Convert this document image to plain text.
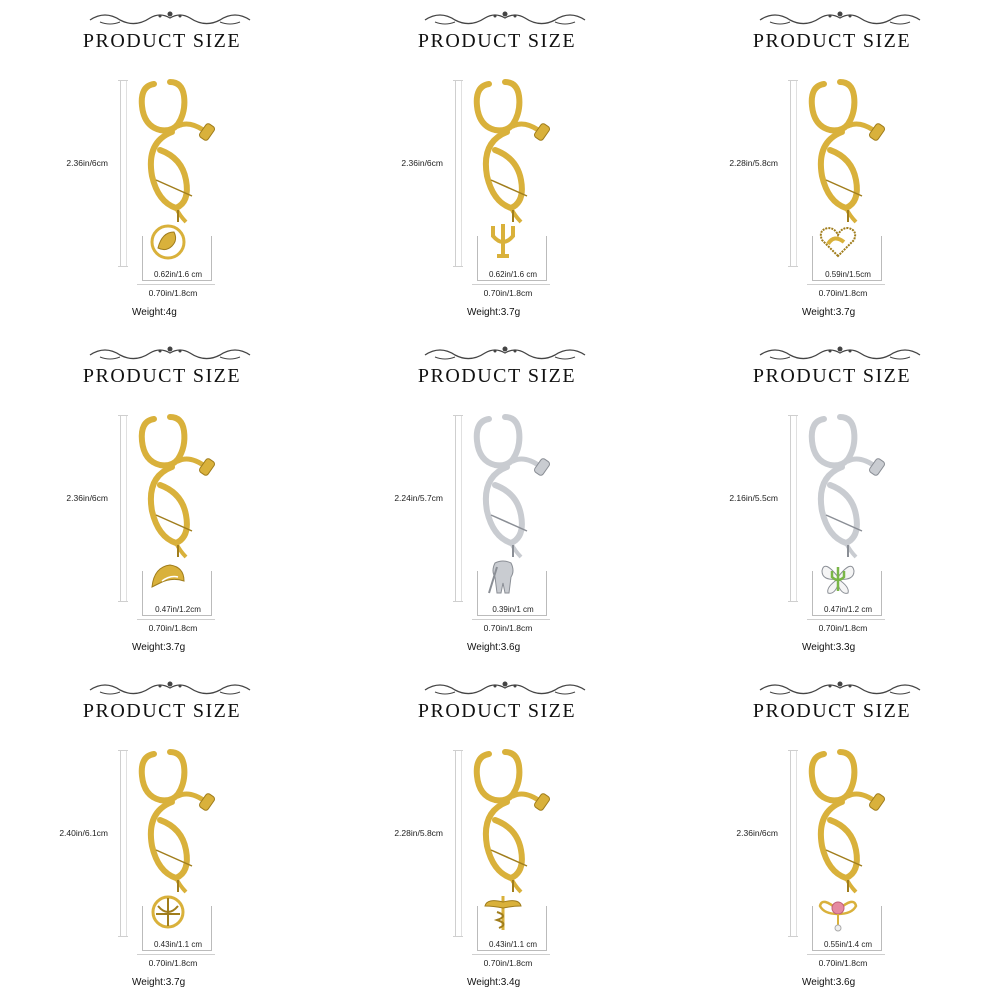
PRODUCT SIZE
2.36in/6cm
0.62in/1.6 cm
0.70in/1.8cm
Weight:4g
PRODUCT SIZE
2.36in/6cm
0.62in/1.6 cm
0.70in/1.8cm
Weight:3.7g
PRODUCT SIZE
2.28in/5.8cm
0.59in/1.5cm
0.70in/1.8cm
Weight:3.7g
PRODUCT SIZE
2.36in/6cm
0.47in/1.2cm
0.70in/1.8cm
Weight:3.7g
PRODUCT SIZE
2.24in/5.7cm
0.39in/1 cm
0.70in/1.8cm
Weight:3.6g
PRODUCT SIZE
2.16in/5.5cm
0.47in/1.2 cm
0.70in/1.8cm
Weight:3.3g
PRODUCT SIZE
2.40in/6.1cm
0.43in/1.1 cm
0.70in/1.8cm
Weight:3.7g
PRODUCT SIZE
2.28in/5.8cm
0.43in/1.1 cm
0.70in/1.8cm
Weight:3.4g
PRODUCT SIZE
2.36in/6cm
0.55in/1.4 cm
0.70in/1.8cm
Weight:3.6g
